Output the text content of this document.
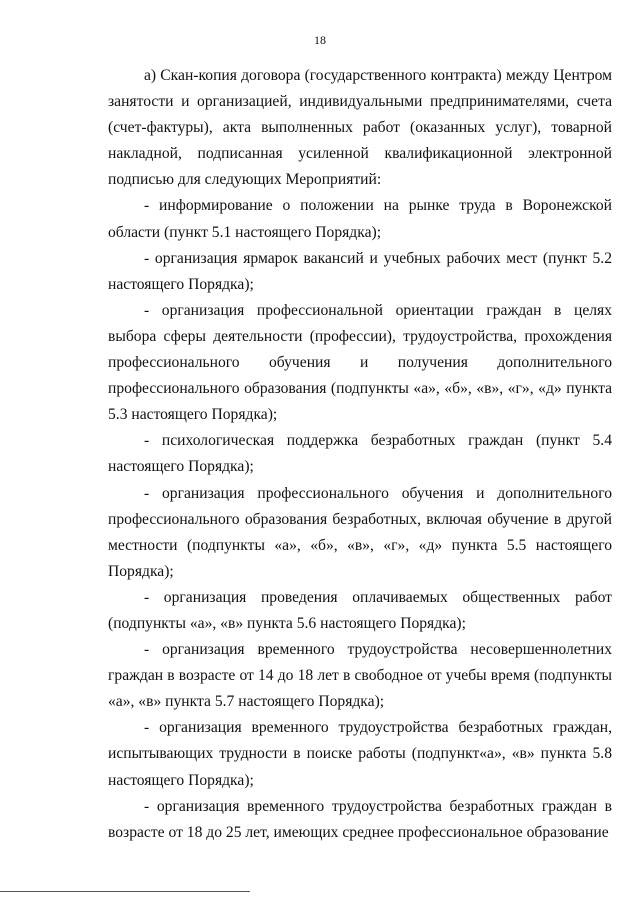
18

а) Скан-копия договора (государственного контракта) между Центром занятости и организацией, индивидуальными предпринимателями, счета (счет-фактуры), акта выполненных работ (оказанных услуг), товарной накладной, подписанная усиленной квалификационной электронной подписью для следующих Мероприятий:

- информирование о положении на рынке труда в Воронежской области (пункт 5.1 настоящего Порядка);

- организация ярмарок вакансий и учебных рабочих мест (пункт 5.2 настоящего Порядка);

- организация профессиональной ориентации граждан в целях выбора сферы деятельности (профессии), трудоустройства, прохождения профессионального обучения и получения дополнительного профессионального образования (подпункты «а», «б», «в», «г», «д» пункта 5.3 настоящего Порядка);

- психологическая поддержка безработных граждан (пункт 5.4 настоящего Порядка);

- организация профессионального обучения и дополнительного профессионального образования безработных, включая обучение в другой местности (подпункты «а», «б», «в», «г», «д» пункта 5.5 настоящего Порядка);

- организация проведения оплачиваемых общественных работ (подпункты «а», «в» пункта 5.6 настоящего Порядка);

- организация временного трудоустройства несовершеннолетних граждан в возрасте от 14 до 18 лет в свободное от учебы время (подпункты «а», «в» пункта 5.7 настоящего Порядка);

- организация временного трудоустройства безработных граждан, испытывающих трудности в поиске работы (подпункт«а», «в» пункта 5.8 настоящего Порядка);

- организация временного трудоустройства безработных граждан в возрасте от 18 до 25 лет, имеющих среднее профессиональное образование
